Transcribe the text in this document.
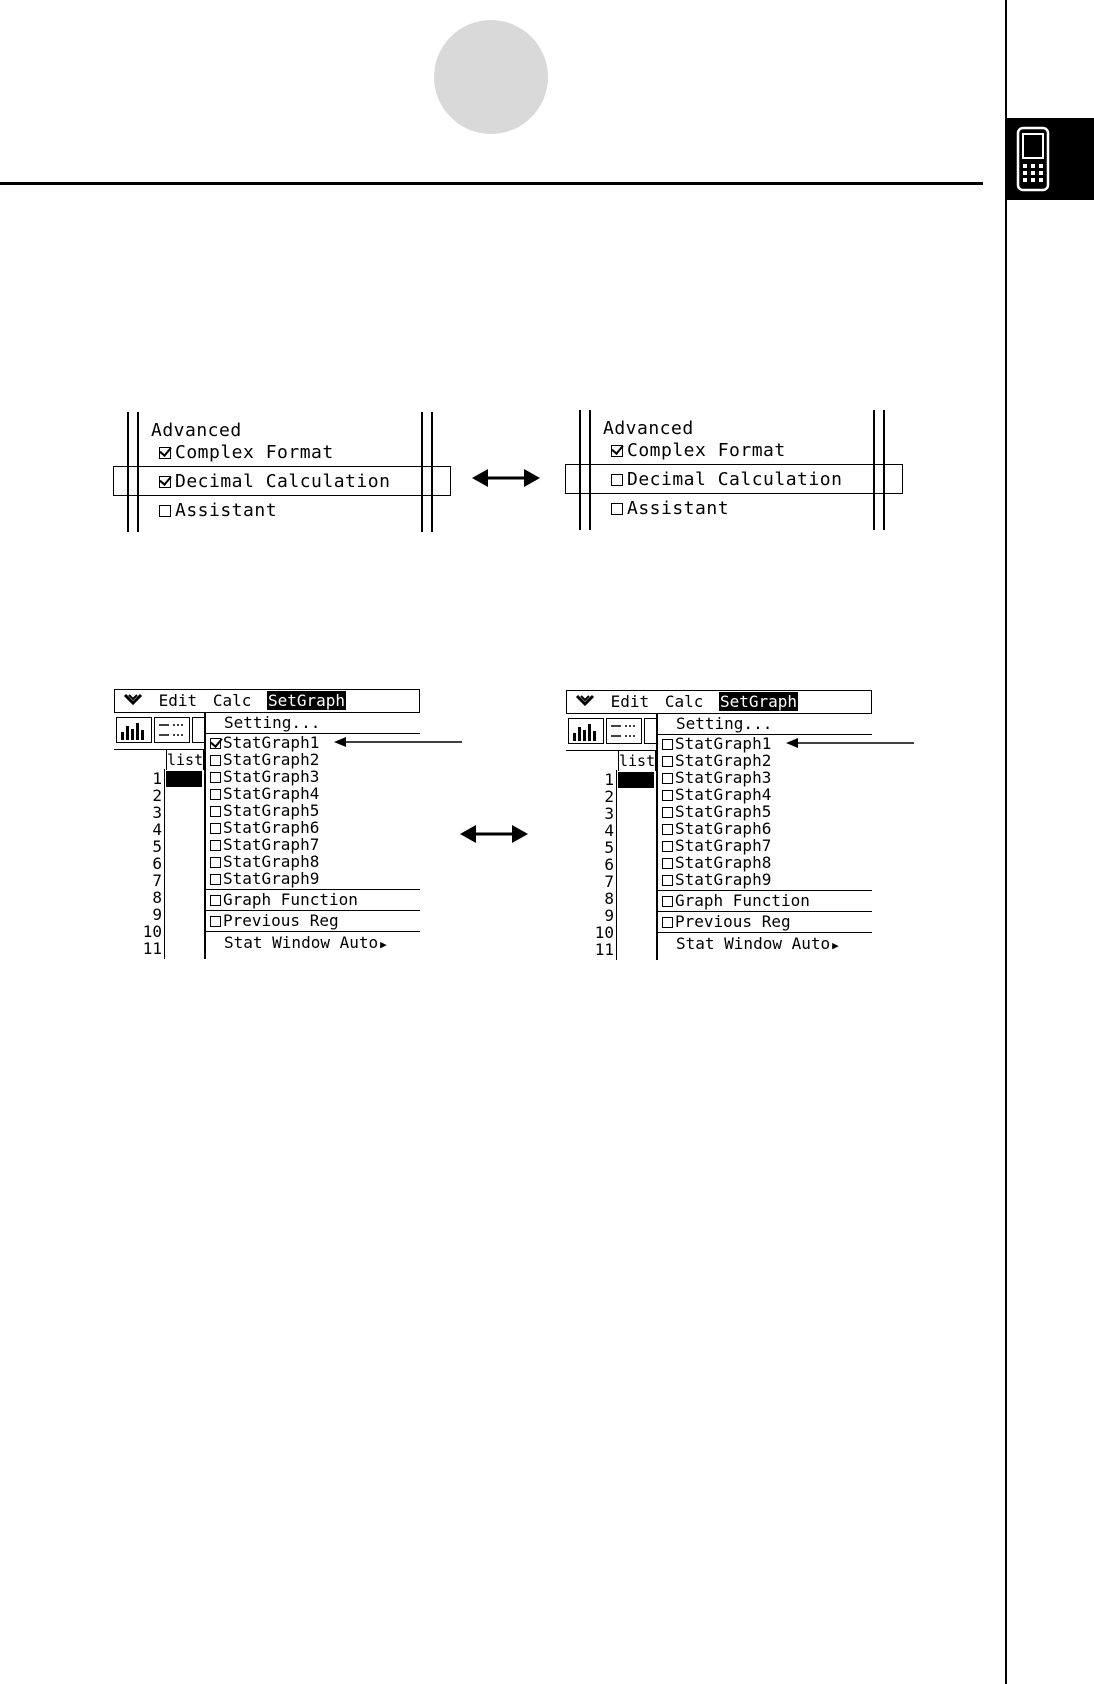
Advanced
Complex Format
Decimal Calculation
Assistant
Advanced
Complex Format
Decimal Calculation
Assistant
Edit Calc SetGraph
list
1
2
3
4
5
6
7
8
9
10
11
Setting...
StatGraph1
StatGraph2
StatGraph3
StatGraph4
StatGraph5
StatGraph6
StatGraph7
StatGraph8
StatGraph9
Graph Function
Previous Reg
Stat Window Auto ▶
Edit Calc SetGraph
list
1
2
3
4
5
6
7
8
9
10
11
Setting...
StatGraph1
StatGraph2
StatGraph3
StatGraph4
StatGraph5
StatGraph6
StatGraph7
StatGraph8
StatGraph9
Graph Function
Previous Reg
Stat Window Auto ▶
